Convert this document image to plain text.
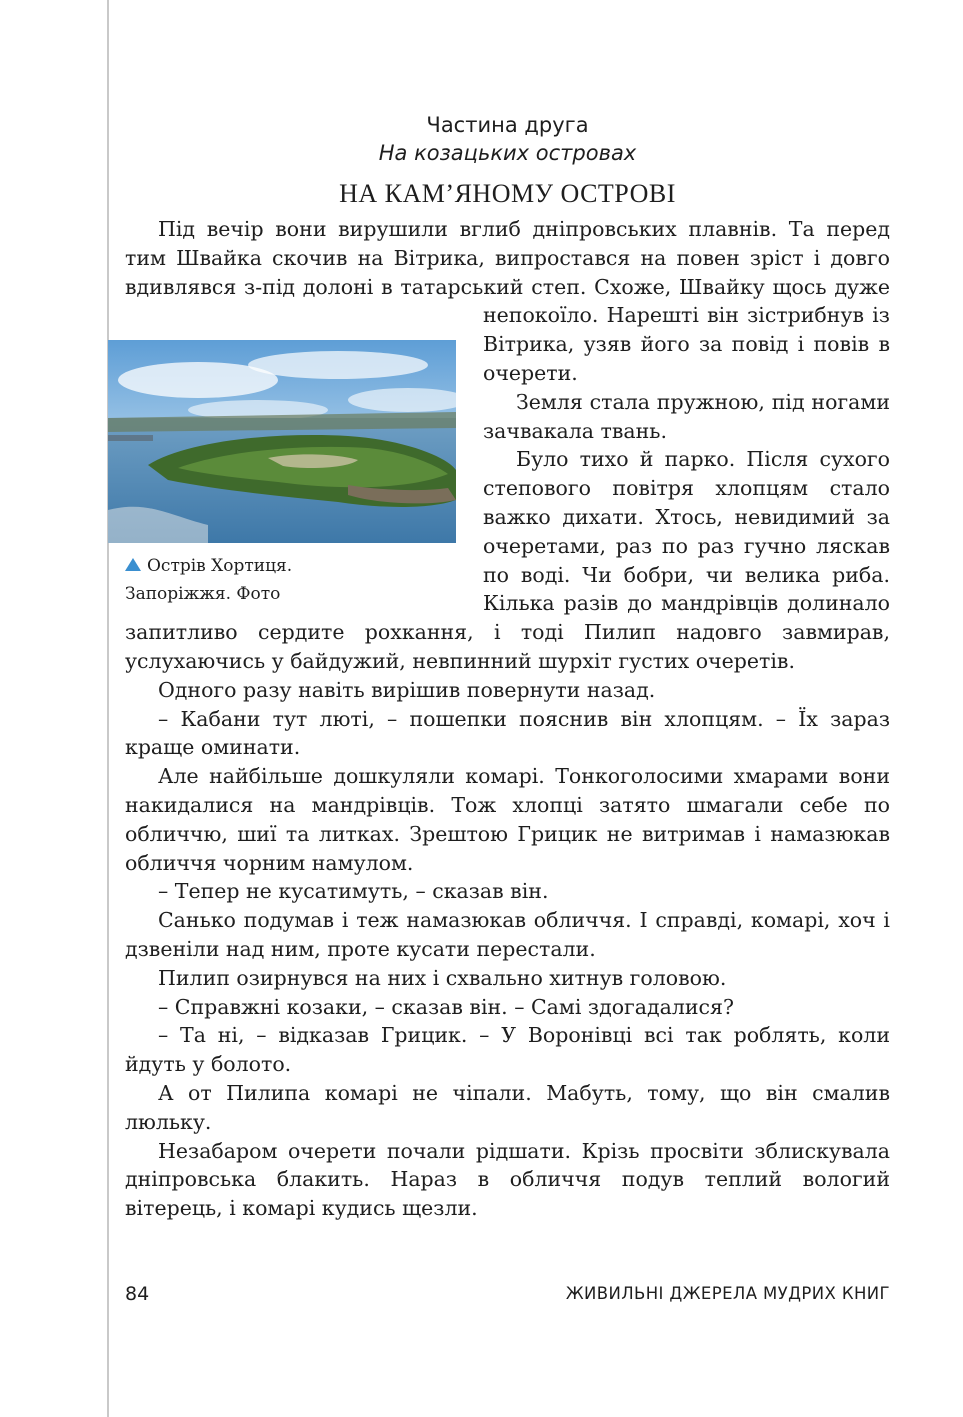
Частина друга
На козацьких островах
НА КАМ’ЯНОМУ ОСТРОВІ

Під вечір вони вирушили вглиб дніпровських плавнів. Та перед тим Швайка скочив на Вітрика, випростався на повен зріст і довго вдивлявся з-під долоні в татарський степ. Схоже, Швайку щось дуже непокоїло. Нарешті він зістрибнув із Вітрика, узяв його за повід і повів в очерети.

Земля стала пружною, під ногами зачвакала твань.

Було тихо й парко. Після сухого степового повітря хлопцям стало важко дихати. Хтось, невидимий за очеретами, раз по раз гучно ляскав по воді. Чи бобри, чи велика риба. Кілька разів до мандрівців долинало запитливо сердите рохкання, і тоді Пилип надовго завмирав, услухаючись у байдужий, невпинний шурхіт густих очеретів.

Одного разу навіть вирішив повернути назад.

– Кабани тут люті, – пошепки пояснив він хлопцям. – Їх зараз краще оминати.

Але найбільше дошкуляли комарі. Тонкоголосими хмарами вони накидалися на мандрівців. Тож хлопці затято шмагали себе по обличчю, шиї та литках. Зрештою Грицик не витримав і намазюкав обличчя чорним намулом.

– Тепер не кусатимуть, – сказав він.

Санько подумав і теж намазюкав обличчя. І справді, комарі, хоч і дзвеніли над ним, проте кусати перестали.

Пилип озирнувся на них і схвально хитнув головою.

– Справжні козаки, – сказав він. – Самі здогадалися?

– Та ні, – відказав Грицик. – У Воронівці всі так роблять, коли йдуть у болото.

А от Пилипа комарі не чіпали. Мабуть, тому, що він смалив люльку.

Незабаром очерети почали рідшати. Крізь просвіти зблискувала дніпровська блакить. Нараз в обличчя подув теплий вологий вітерець, і комарі кудись щезли.

Острів Хортиця.
Запоріжжя. Фото
84	ЖИВИЛЬНІ ДЖЕРЕЛА МУДРИХ КНИГ
